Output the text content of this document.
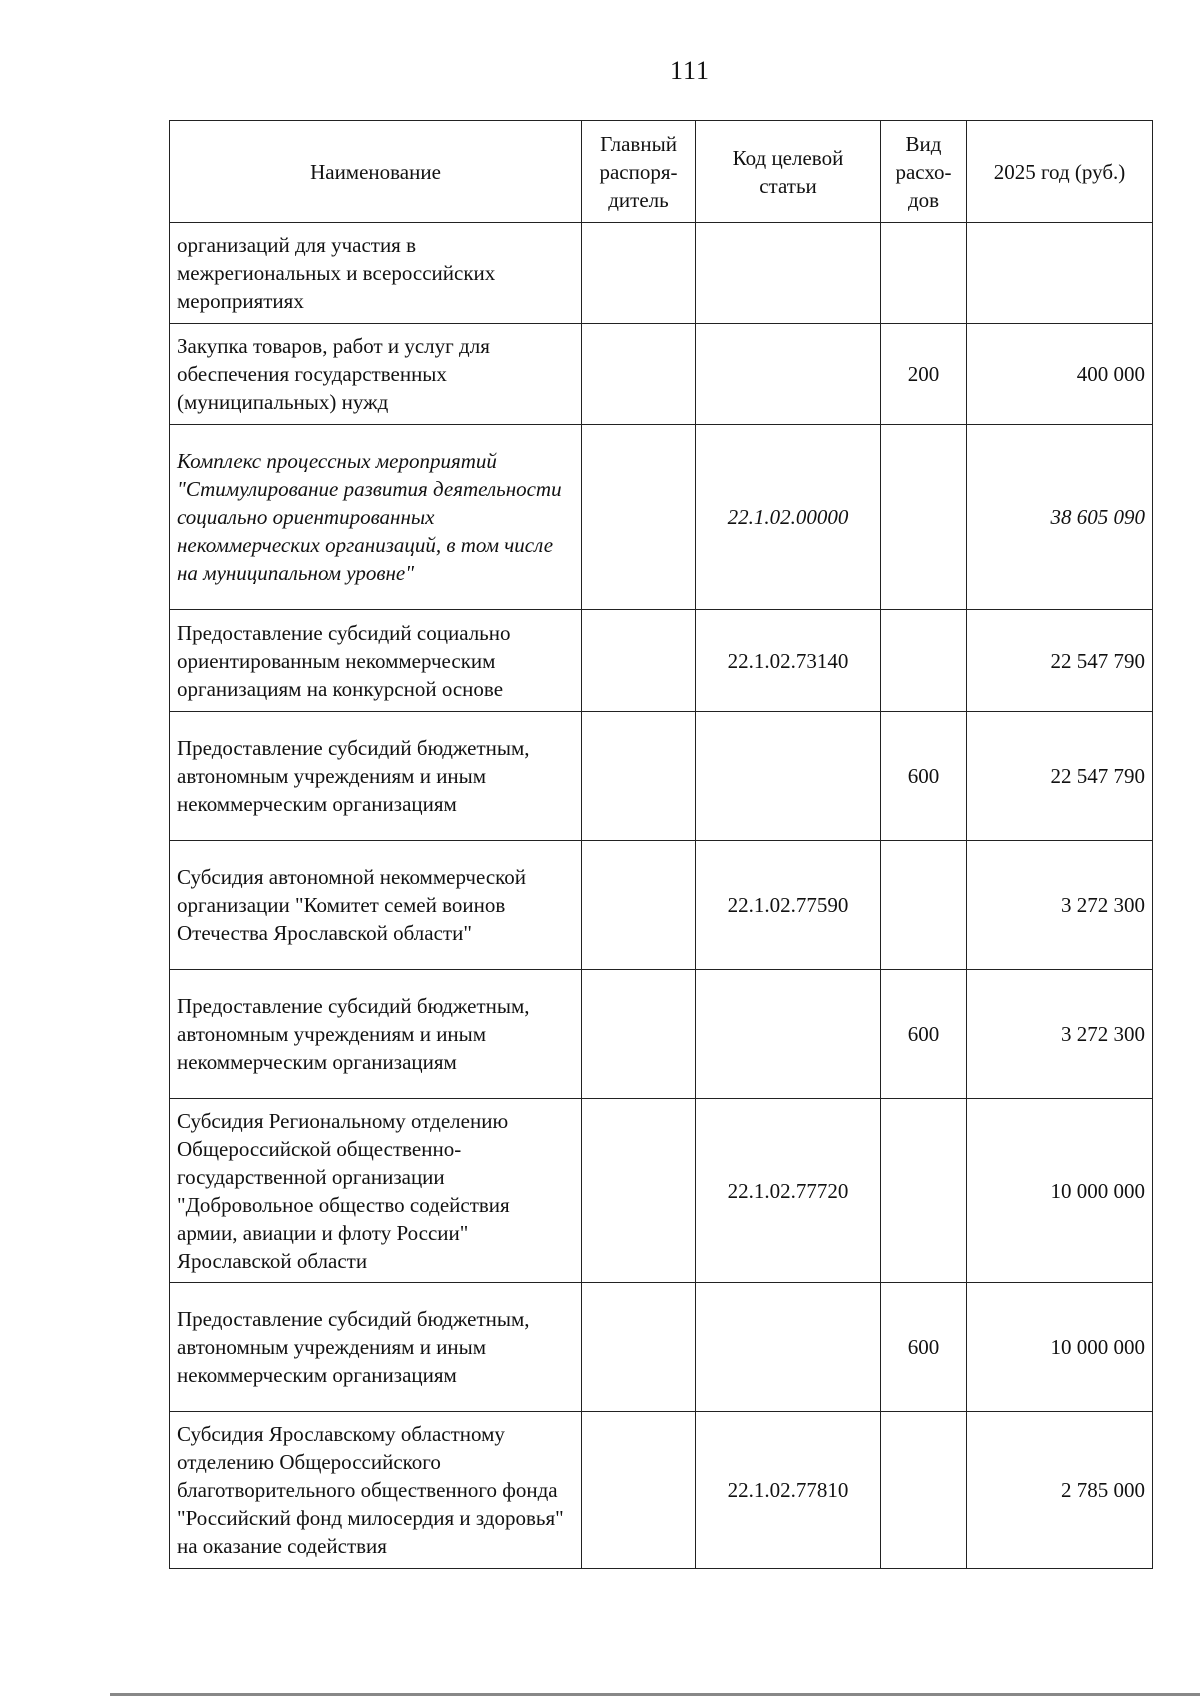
111
Наименование	Главный распоря-дитель	Код целевой статьи	Вид расхо-дов	2025 год (руб.)
организаций для участия в межрегиональных и всероссийских мероприятиях				
Закупка товаров, работ и услуг для обеспечения государственных (муниципальных) нужд			200	400 000
Комплекс процессных мероприятий "Стимулирование развития деятельности социально ориентированных некоммерческих организаций, в том числе на муниципальном уровне"		22.1.02.00000		38 605 090
Предоставление субсидий социально ориентированным некоммерческим организациям на конкурсной основе		22.1.02.73140		22 547 790
Предоставление субсидий бюджетным, автономным учреждениям и иным некоммерческим организациям			600	22 547 790
Субсидия автономной некоммерческой организации "Комитет семей воинов Отечества Ярославской области"		22.1.02.77590		3 272 300
Предоставление субсидий бюджетным, автономным учреждениям и иным некоммерческим организациям			600	3 272 300
Субсидия Региональному отделению Общероссийской общественно-государственной организации "Добровольное общество содействия армии, авиации и флоту России" Ярославской области		22.1.02.77720		10 000 000
Предоставление субсидий бюджетным, автономным учреждениям и иным некоммерческим организациям			600	10 000 000
Субсидия Ярославскому областному отделению Общероссийского благотворительного общественного фонда "Российский фонд милосердия и здоровья" на оказание содействия		22.1.02.77810		2 785 000
